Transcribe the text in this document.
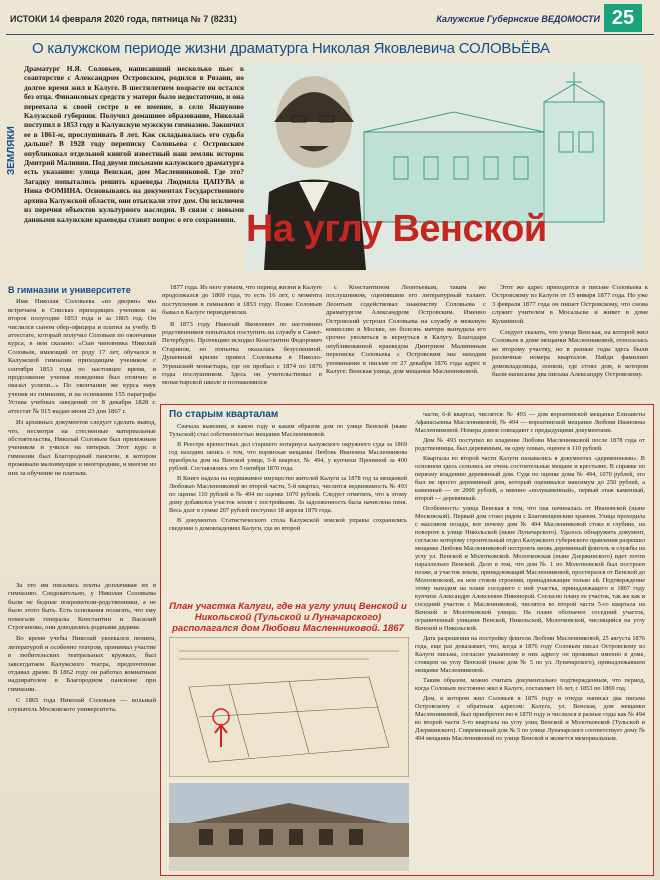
ИСТОКИ 14 февраля 2020 года, пятница № 7 (8231)	Калужские Губернские ВЕДОМОСТИ 25
О калужском периоде жизни драматурга Николая Яковлевича СОЛОВЬЁВА
ЗЕМЛЯКИ
Драматург Н.Я. Соловьев, написавший несколько пьес в соавторстве с Александром Островским, родился в Рязани, но долгое время жил в Калуге. В шестилетнем возрасте он остался без отца. Финансовых средств у матери было недостаточно, и она переехала к своей сестре в ее имение, в село Якшуново Калужской губернии. Получил домашнее образование, Николай поступил в 1853 году в Калужскую мужскую гимназию. Закончил ее в 1861-м, прослушивать 8 лет. Как складывалась его судьба дальше? В 1928 году переписку Соловьева с Островским опубликовал отдельной книгой известный наш земляк историк Дмитрий Малинин. Под двумя письмами калужского драматурга есть указание: улица Венская, дом Масленниковой. Где это? Загадку попытались решить краеведы Людмила ЦАПУВА и Нина ФОМИНА. Основываясь на документах Государственного архива Калужской области, они отыскали этот дом. Он исключен из перечня объектов культурного наследия. В связи с новыми данными калужские краеведы ставят вопрос о его сохранении. На углу Венской
В гимназии и университете

Имя Николая Соловьева «из дворян» мы встречаем в Списках приходящих учеников за второе полугодие 1853 года и за 1865 год. Он числился сыном обер-офицера и платил за учебу. В аттестате, который получил Соловьев по окончании курса, в нем сказано: «Сын чиновника Николай Соловьев, имеющий от роду 17 лет, обучался в Калужской гимназии приходящим учеником с сентября 1853 года по настоящее время, и продолжение учения поведения был отлично и оказал успехи...» По окончании же курса наук учения из гимназии, и на основании 155 параграфа Устава учебных заведений от 8 декабря 1828 г. аттестат № 915 выдан июня 23 дня 1867 г.

Из архивных документов следует сделать вывод, что, несмотря на стесненные материальные обстоятельства, Николай Соловьев был прилежным учеником и учился на пятерки. Этот курс в гимназии был Благородный пансион, в котором проживали малоимущие и иногородние, и многие из них за обучение не платили.

За это им писались платы доплачивая их в гимназию. Следовательно, у Николая Соловьева были не бедные покровители-родственники, а не было этого быть. Есть основания полагать, что ему помогали генералы Константин и Василий Строгановы, они доводились родными дядями.

Во время учебы Николай увлекался пением, литературой и особенно театром, принимал участие в любительских театральных кружках, был завсегдатаем Калужского театра, предпочтение отдавал драме. В 1862 году он работал комнатным надзирателем в Благородном пансионе при гимназии.

С 1865 года Николай Соловьев — вольный слушатель Московского университета.

1877 года. Из него узнаем, что период жизни в Калуге продолжался до 1869 года, то есть 16 лет, с момента поступления в гимназию в 1853 году. Позже Соловьев бывал в Калуге периодически.

В 1873 году Николай Яковлевич по настоянию родственников попытался поступить на службу в Санкт-Петербурге. Протекцию исходил Константин Федорович Старинов, но попытка оказалась безуспешной. Душевный кризис привел Соловьева в Николо-Угрешский монастырь, где он пробыл с 1874 по 1876 годы послушником. Здесь он учительствовал в монастырской школе и познакомился

с Константином Леонтьевым, таким же послушником, оценившим его литературный талант. Леонтьев содействовал знакомству Соловьева с драматургом Александром Островским. Именно Островский устроил Соловьева на службу в межевую комиссию в Москве, но болезнь матери вынудила его срочно уволиться и вернуться в Калугу. Благодаря опубликованной краеведом Дмитрием Малининым переписке Соловьева с Островским мы находим упоминание в письме от 27 декабря 1876 года адрес в Калуге: Венская улица, дом мещанки Масленниковой.

Этот же адрес приходится в письме Соловьева к Островскому из Калуги от 15 января 1877 года. Но уже 3 февраля 1877 года он пишет Островскому, что снова служит учителем в Мосальске и живет в доме Кулининой.

Следует сказать, что улица Венская, на которой жил Соловьев в доме мещанки Масленниковой, относилась ко второму участку, но в разные годы здесь были различные номера кварталов. Найди фамилию домовладелицы, поняли, где стоял дом, в котором были написаны два письма Александру Островскому.

По старым кварталам

Сначала выясним, в каком году и каким образом дом по улице Венской (ныве Тульской) стал собственностью мещанки Масленниковой.

В Реестре крепостных дел старшего нотариуса калужского окружного суда за 1869 год находим запись о том, что ворянская мещанка Любовь Ивановна Масленникова приобрела дом на Венской улице, 5-й квартал, № 494, у купчихи Прониной за 400 рублей. Составлялись это 5 октября 1870 года.

В Книге надела на недвижимое имущество жителей Калуги за 1878 год за мещанкой Любовью Масленниковой во второй части, 5-й квартал, числится недвижимость № 493 по оценке 110 рублей и № 494 по оценке 1070 рублей. Следует отметить, что к этому дому добавился участок земли с постройками. За задолженность была начислена пеня. Весь долг в сумме 207 рублей поступил 18 апреля 1879 года.

В документах Статистического стола Калужской земской управы сохранились сведения о домовладениях Калуги, где во второй

План участка Калуги, где на углу улиц Венской и Никольской (Тульской и Луначарского) располагался дом Любови Масленниковой. 1867

части, 6-й квартал, числятся: № 493 — дом вороатинской мещанки Елизаветы Афанасьевны Масленниковой; № 494 — вороатинской мещанки Любови Ивановны Масленниковой. Номера домов совпадают с предыдущими документами.

Дом № 493 поступил во владение Любови Масленниковой после 1878 года от родственницы, был деревянным, на одну семью, оценен в 110 рублей.

Кварталы во второй части Калуги назывались в документах «деревенными». В основном здесь селились не очень состоятельные мещане и крестьяне. В справке по первому владению деревянный дом. Судя по оценке дома № 494, 1070 рублей, это был не просто деревянный дом, который оценивался максимум до 250 рублей, а каменный — от 2000 рублей, а именно «полукаменный», первый этаж каменный, второй — деревянный.

Особенность: улица Венская в том, что она начиналась от Ивановской (ныне Московской). Первый дом стоял рядом с Благовещенским храмом. Улица проходила с массивом позади, вот почему дом № 494 Масленниковой стоял в глубине, на повороте к улице Никольской (ныне Луначарского). Удалось обнаружить документ, согласно которому строительный отдел Калужского губернского правления разрешил мещанке Любови Масленниковой построить вновь деревянный флигель и службы на углу ул. Венской и Молотковской. Молотковская (ныне Дзержинского) идет почти параллельно Венской. Дело в том, что дом № 1 по Молотковской был построен позже, и участок земли, принадлежащий Масленниковой, простирался от Венской до Молотковской, на нем стояли строения, принадлежащие только ей. Подтверждение этому находим на плане соседнего с ней участка, принадлежащего в 1867 году купчихе Александре Алексеевне Никонорой. Согласно плану ее участок, так же как и соседний участок с Масленниковой, числятся во второй части 5-го квартала на Венской и Молотковской улицах. На плане обозначен соседний участок, ограниченный улицами Венской, Никольской, Молотковской, числящийся на углу Венской и Никольской.

Дата разрешения на постройку флигеля Любови Масленниковой, 25 августа 1876 года, еще раз доказывает, что, когда в 1876 году Соловьев писал Островскому из Калуги письма, согласно указанному в них адресу он проживал именно в доме, стоящем на углу Венской (ныне дом № 5 по ул. Луначарского), принадлежавшем мещанке Масленниковой.

Таким образом, можно считать документально подтвержденным, что период, когда Соловьев постоянно жил в Калуге, составляет 16 лет, с 1853 по 1869 год.

Дом, в котором жил Соловьев в 1876 году и откуда написал два письма Островскому с обратным адресом: Калуга, ул. Венская, дом мещанки Масленниковой, был приобретен ею в 1870 году и числился в разные годы как № 494 во второй части 5-го квартала на углу улиц Венской и Молотковской (Тульской и Дзержинского). Современный дом № 5 по улице Луначарского соответствует дому № 494 мещанки Масленниковой по улице Венской и является мемориальным.
